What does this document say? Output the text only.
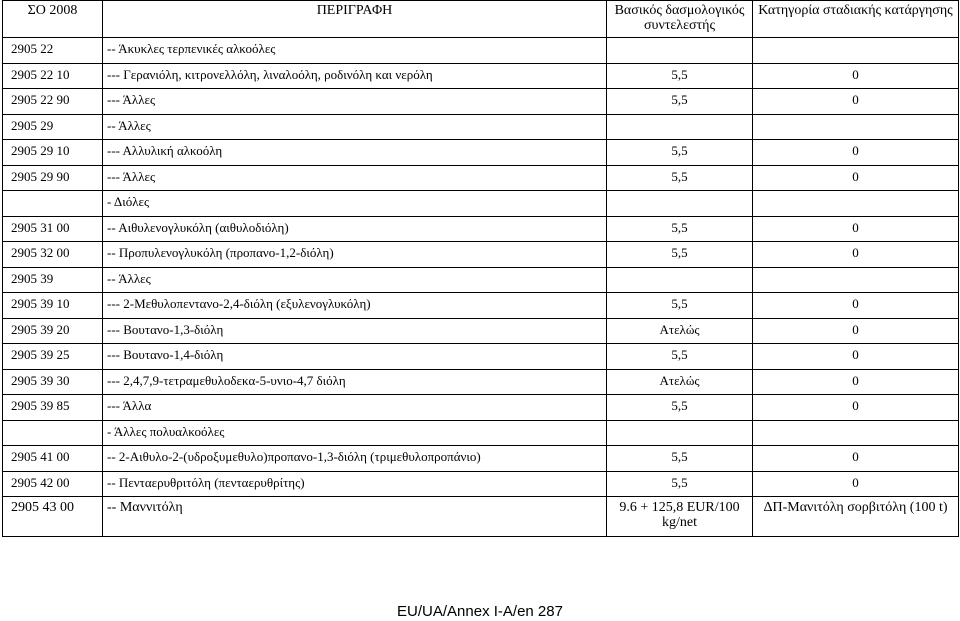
ΣΟ 2008	ΠΕΡΙΓΡΑΦΗ	Βασικός δασμολογικός συντελεστής	Κατηγορία σταδιακής κατάργησης
2905 22	-- Άκυκλες τερπενικές αλκοόλες		
2905 22 10	--- Γερανιόλη, κιτρονελλόλη, λιναλοόλη, ροδινόλη και νερόλη	5,5	0
2905 22 90	--- Άλλες	5,5	0
2905 29	-- Άλλες		
2905 29 10	--- Αλλυλική αλκοόλη	5,5	0
2905 29 90	--- Άλλες	5,5	0
	- Διόλες		
2905 31 00	-- Αιθυλενογλυκόλη (αιθυλοδιόλη)	5,5	0
2905 32 00	-- Προπυλενογλυκόλη (προπανο-1,2-διόλη)	5,5	0
2905 39	-- Άλλες		
2905 39 10	--- 2-Μεθυλοπεντανο-2,4-διόλη (εξυλενογλυκόλη)	5,5	0
2905 39 20	--- Βουτανο-1,3-διόλη	Ατελώς	0
2905 39 25	--- Βουτανο-1,4-διόλη	5,5	0
2905 39 30	--- 2,4,7,9-τετραμεθυλοδεκα-5-υνιο-4,7 διόλη	Ατελώς	0
2905 39 85	--- Άλλα	5,5	0
	- Άλλες πολυαλκοόλες		
2905 41 00	-- 2-Αιθυλο-2-(υδροξυμεθυλο)προπανο-1,3-διόλη (τριμεθυλοπροπάνιο)	5,5	0
2905 42 00	-- Πενταερυθριτόλη (πενταερυθρίτης)	5,5	0
2905 43 00	-- Μαννιτόλη	9.6 + 125,8 EUR/100 kg/net	ΔΠ-Μανιτόλη σορβιτόλη (100 t)
EU/UA/Annex I-A/en 287
